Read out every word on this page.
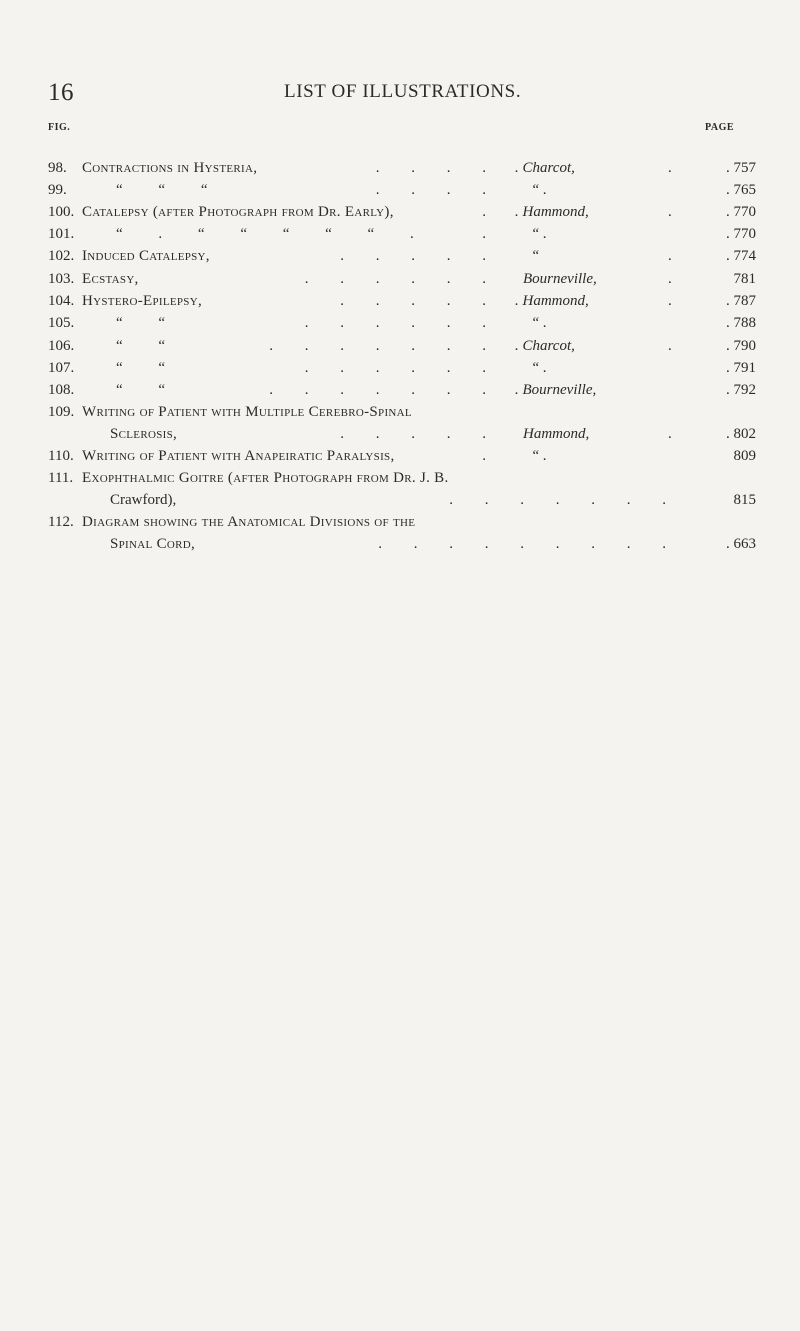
16	LIST OF ILLUSTRATIONS.
FIG.	PAGE
98.	Contractions in Hysteria,	. . . . . Charcot,	.	. 757
99.	“ “ “	. . . . “ .	. 765
100. Catalepsy (after Photograph from Dr. Early),	. . Hammond,	.	. 770
101.	“ . “ “ “ “ “ .	. “ .	. 770
102. Induced Catalepsy,	. . . . . “	.	. 774
103. Ecstasy,	. . . . . . Bourneville,	.	781
104. Hystero-Epilepsy,	. . . . . . Hammond,	.	. 787
105.	“ “	. . . . . . “ .	. 788
106.	“ “	. . . . . . . . Charcot,	.	. 790
107.	“ “	. . . . . . “ .	. 791
108.	“ “	. . . . . . . . Bourneville,	. 792
109. Writing of Patient with Multiple Cerebro-Spinal
Sclerosis,	. . . . . Hammond,	.	. 802
110. Writing of Patient with Anapeiratic Paralysis,	. “ .	809
111. Exophthalmic Goitre (after Photograph from Dr. J. B.
Crawford),	. . . . . . .	815
112. Diagram showing the Anatomical Divisions of the
Spinal Cord,	. . . . . . . . .	. 663
